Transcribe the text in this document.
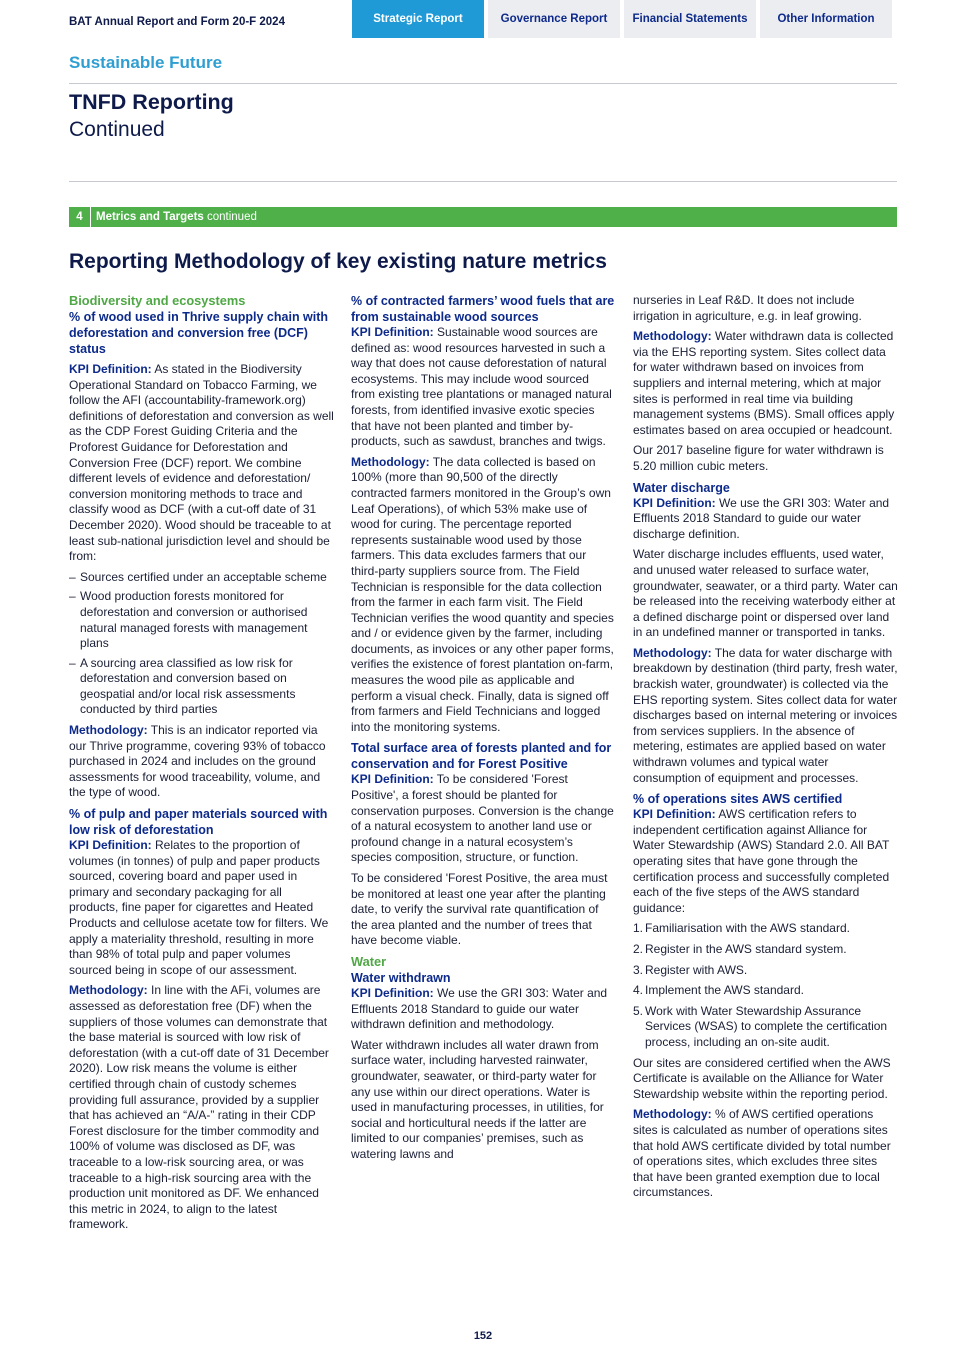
BAT Annual Report and Form 20-F 2024	Strategic Report	Governance Report	Financial Statements	Other Information
Sustainable Future
TNFD Reporting
Continued
4	Metrics and Targets continued
Reporting Methodology of key existing nature metrics
Biodiversity and ecosystems
% of wood used in Thrive supply chain with deforestation and conversion free (DCF) status

KPI Definition: As stated in the Biodiversity Operational Standard on Tobacco Farming, we follow the AFI (accountability-framework.org) definitions of deforestation and conversion as well as the CDP Forest Guiding Criteria and the Proforest Guidance for Deforestation and Conversion Free (DCF) report. We combine different levels of evidence and deforestation/ conversion monitoring methods to trace and classify wood as DCF (with a cut-off date of 31 December 2020). Wood should be traceable to at least sub-national jurisdiction level and should be from:

– Sources certified under an acceptable scheme
– Wood production forests monitored for deforestation and conversion or authorised natural managed forests with management plans
– A sourcing area classified as low risk for deforestation and conversion based on geospatial and/or local risk assessments conducted by third parties

Methodology: This is an indicator reported via our Thrive programme, covering 93% of tobacco purchased in 2024 and includes on the ground assessments for wood traceability, volume, and the type of wood.

% of pulp and paper materials sourced with low risk of deforestation

KPI Definition: Relates to the proportion of volumes (in tonnes) of pulp and paper products sourced, covering board and paper used in primary and secondary packaging for all products, fine paper for cigarettes and Heated Products and cellulose acetate tow for filters. We apply a materiality threshold, resulting in more than 98% of total pulp and paper volumes sourced being in scope of our assessment.

Methodology: In line with the AFi, volumes are assessed as deforestation free (DF) when the suppliers of those volumes can demonstrate that the base material is sourced with low risk of deforestation (with a cut-off date of 31 December 2020). Low risk means the volume is either certified through chain of custody schemes providing full assurance, provided by a supplier that has achieved an “A/A-” rating in their CDP Forest disclosure for the timber commodity and 100% of volume was disclosed as DF, was traceable to a low-risk sourcing area, or was traceable to a high-risk sourcing area with the production unit monitored as DF. We enhanced this metric in 2024, to align to the latest framework.

% of contracted farmers’ wood fuels that are from sustainable wood sources

KPI Definition: Sustainable wood sources are defined as: wood resources harvested in such a way that does not cause deforestation of natural ecosystems. This may include wood sourced from existing tree plantations or managed natural forests, from identified invasive exotic species that have not been planted and timber by-products, such as sawdust, branches and twigs.

Methodology: The data collected is based on 100% (more than 90,500 of the directly contracted farmers monitored in the Group’s own Leaf Operations), of which 53% make use of wood for curing. The percentage reported represents sustainable wood used by those farmers. This data excludes farmers that our third-party suppliers source from. The Field Technician is responsible for the data collection from the farmer in each farm visit. The Field Technician verifies the wood quantity and species and / or evidence given by the farmer, including documents, as invoices or any other paper forms, verifies the existence of forest plantation on-farm, measures the wood pile as applicable and perform a visual check. Finally, data is signed off from farmers and Field Technicians and logged into the monitoring systems.

Total surface area of forests planted and for conservation and for Forest Positive

KPI Definition: To be considered 'Forest Positive', a forest should be planted for conservation purposes. Conversion is the change of a natural ecosystem to another land use or profound change in a natural ecosystem’s species composition, structure, or function.

To be considered 'Forest Positive, the area must be monitored at least one year after the planting date, to verify the survival rate quantification of the area planted and the number of trees that have become viable.

Water
Water withdrawn

KPI Definition: We use the GRI 303: Water and Effluents 2018 Standard to guide our water withdrawn definition and methodology.

Water withdrawn includes all water drawn from surface water, including harvested rainwater, groundwater, seawater, or third-party water for any use within our direct operations. Water is used in manufacturing processes, in utilities, for social and horticultural needs if the latter are limited to our companies’ premises, such as watering lawns and

nurseries in Leaf R&D. It does not include irrigation in agriculture, e.g. in leaf growing.

Methodology: Water withdrawn data is collected via the EHS reporting system. Sites collect data for water withdrawn based on invoices from suppliers and internal metering, which at major sites is performed in real time via building management systems (BMS). Small offices apply estimates based on area occupied or headcount.

Our 2017 baseline figure for water withdrawn is 5.20 million cubic meters.

Water discharge

KPI Definition: We use the GRI 303: Water and Effluents 2018 Standard to guide our water discharge definition.

Water discharge includes effluents, used water, and unused water released to surface water, groundwater, seawater, or a third party. Water can be released into the receiving waterbody either at a defined discharge point or dispersed over land in an undefined manner or transported in tanks.

Methodology: The data for water discharge with breakdown by destination (third party, fresh water, brackish water, groundwater) is collected via the EHS reporting system. Sites collect data for water discharges based on internal metering or invoices from services suppliers. In the absence of metering, estimates are applied based on water withdrawn volumes and typical water consumption of equipment and processes.

% of operations sites AWS certified

KPI Definition: AWS certification refers to independent certification against Alliance for Water Stewardship (AWS) Standard 2.0. All BAT operating sites that have gone through the certification process and successfully completed each of the five steps of the AWS standard guidance:

1. Familiarisation with the AWS standard.
2. Register in the AWS standard system.
3. Register with AWS.
4. Implement the AWS standard.
5. Work with Water Stewardship Assurance Services (WSAS) to complete the certification process, including an on-site audit.

Our sites are considered certified when the AWS Certificate is available on the Alliance for Water Stewardship website within the reporting period.

Methodology: % of AWS certified operations sites is calculated as number of operations sites that hold AWS certificate divided by total number of operations sites, which excludes three sites that have been granted exemption due to local circumstances.

152
